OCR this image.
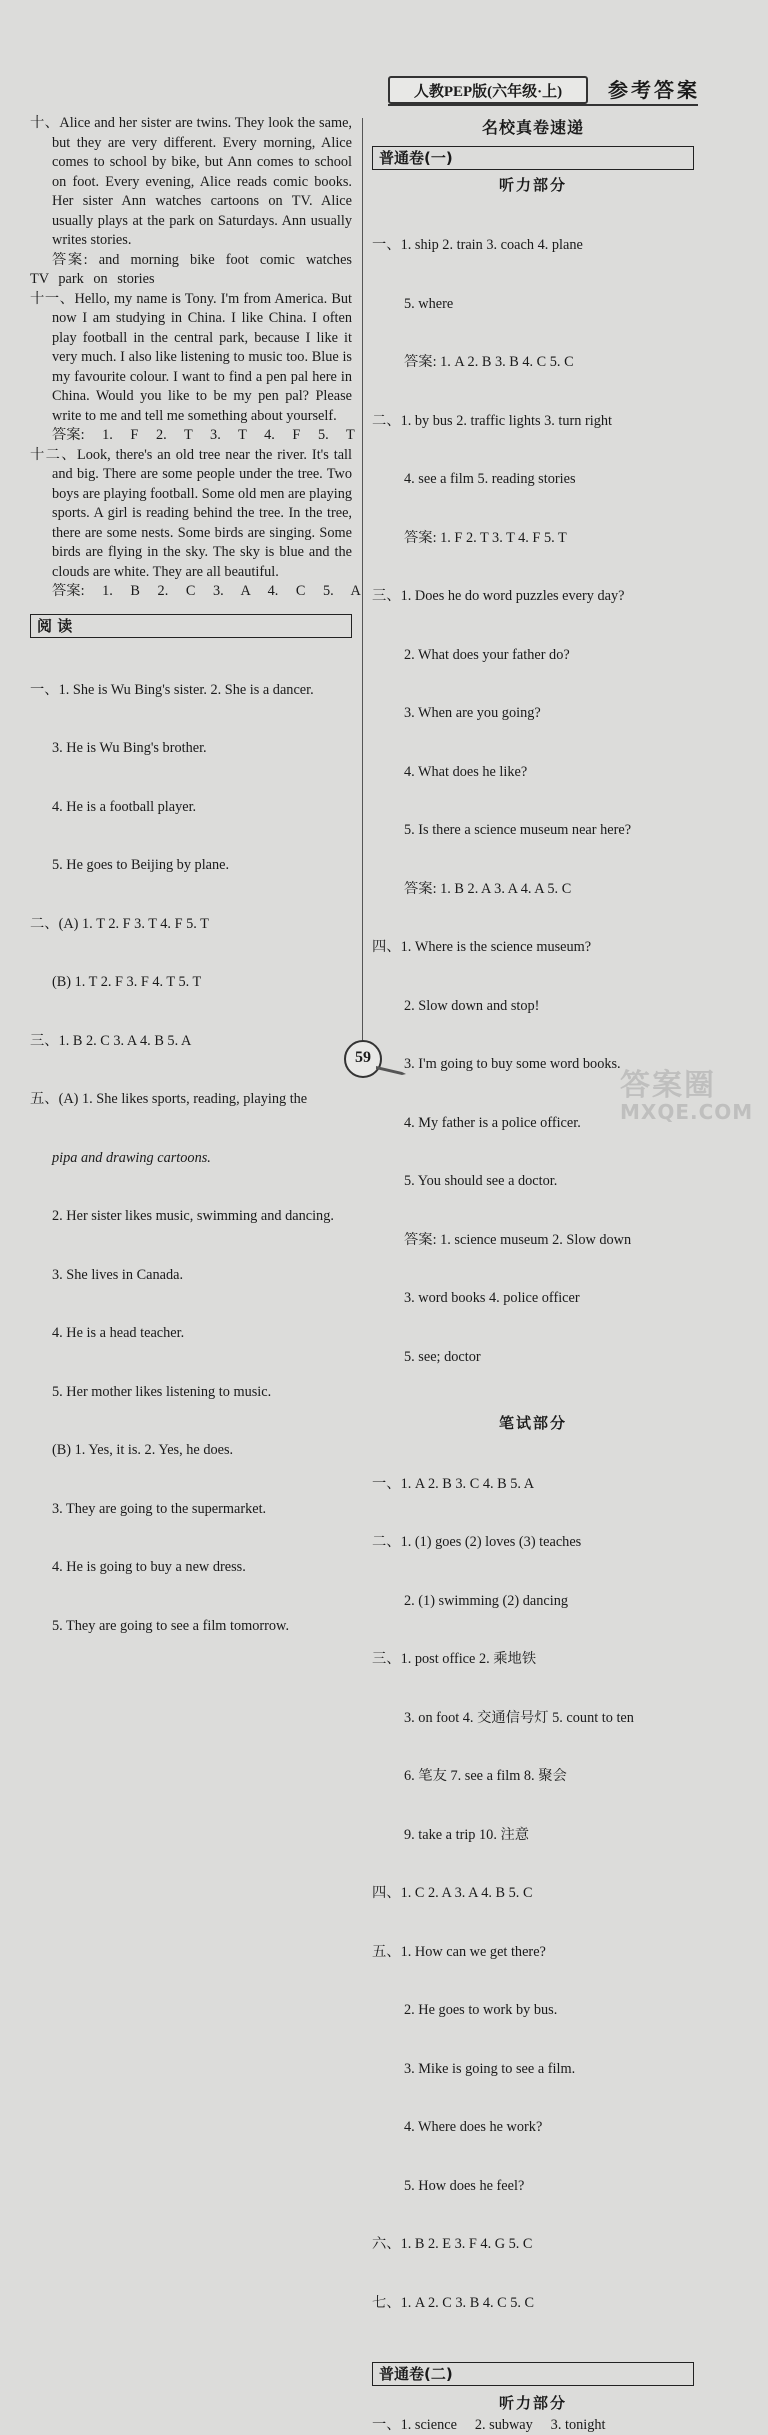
人教PEP版(六年级·上)	参考答案

十、Alice and her sister are twins. They look the same, but they are very different. Every morning, Alice comes to school by bike, but Ann comes to school on foot. Every evening, Alice reads comic books. Her sister Ann watches cartoons on TV. Alice usually plays at the park on Saturdays. Ann usually writes stories.

答案: and morning bike foot comic watches TV park on stories

十一、Hello, my name is Tony. I'm from America. But now I am studying in China. I like China. I often play football in the central park, because I like it very much. I also like listening to music too. Blue is my favourite colour. I want to find a pen pal here in China. Would you like to be my pen pal? Please write to me and tell me something about yourself.

答案: 1. F 2. T 3. T 4. F 5. T

十二、Look, there's an old tree near the river. It's tall and big. There are some people under the tree. Two boys are playing football. Some old men are playing sports. A girl is reading behind the tree. In the tree, there are some nests. Some birds are singing. Some birds are flying in the sky. The sky is blue and the clouds are white. They are all beautiful.

答案: 1. B 2. C 3. A 4. C 5. A
阅 读

一、1. She is Wu Bing's sister. 2. She is a dancer.

3. He is Wu Bing's brother.

4. He is a football player.

5. He goes to Beijing by plane.

二、(A) 1. T 2. F 3. T 4. F 5. T

(B) 1. T 2. F 3. F 4. T 5. T

三、1. B 2. C 3. A 4. B 5. A

五、(A) 1. She likes sports, reading, playing the

pipa and drawing cartoons.

2. Her sister likes music, swimming and dancing.

3. She lives in Canada.

4. He is a head teacher.

5. Her mother likes listening to music.

(B) 1. Yes, it is. 2. Yes, he does.

3. They are going to the supermarket.

4. He is going to buy a new dress.

5. They are going to see a film tomorrow.

名校真卷速递
普通卷(一)
听力部分

一、1. ship 2. train 3. coach 4. plane

5. where

答案: 1. A 2. B 3. B 4. C 5. C

二、1. by bus 2. traffic lights 3. turn right

4. see a film 5. reading stories

答案: 1. F 2. T 3. T 4. F 5. T

三、1. Does he do word puzzles every day?

2. What does your father do?

3. When are you going?

4. What does he like?

5. Is there a science museum near here?

答案: 1. B 2. A 3. A 4. A 5. C

四、1. Where is the science museum?

2. Slow down and stop!

3. I'm going to buy some word books.

4. My father is a police officer.

5. You should see a doctor.

答案: 1. science museum 2. Slow down

3. word books 4. police officer

5. see; doctor

笔试部分

一、1. A 2. B 3. C 4. B 5. A

二、1. (1) goes (2) loves (3) teaches

2. (1) swimming (2) dancing

三、1. post office 2. 乘地铁

3. on foot 4. 交通信号灯 5. count to ten

6. 笔友 7. see a film 8. 聚会

9. take a trip 10. 注意

四、1. C 2. A 3. A 4. B 5. C

五、1. How can we get there?

2. He goes to work by bus.

3. Mike is going to see a film.

4. Where does he work?

5. How does he feel?

六、1. B 2. E 3. F 4. G 5. C

七、1. A 2. C 3. B 4. C 5. C

普通卷(二)
听力部分
一、1. science     2. subway     3. tonight
59
答案圈
MXQE.COM
